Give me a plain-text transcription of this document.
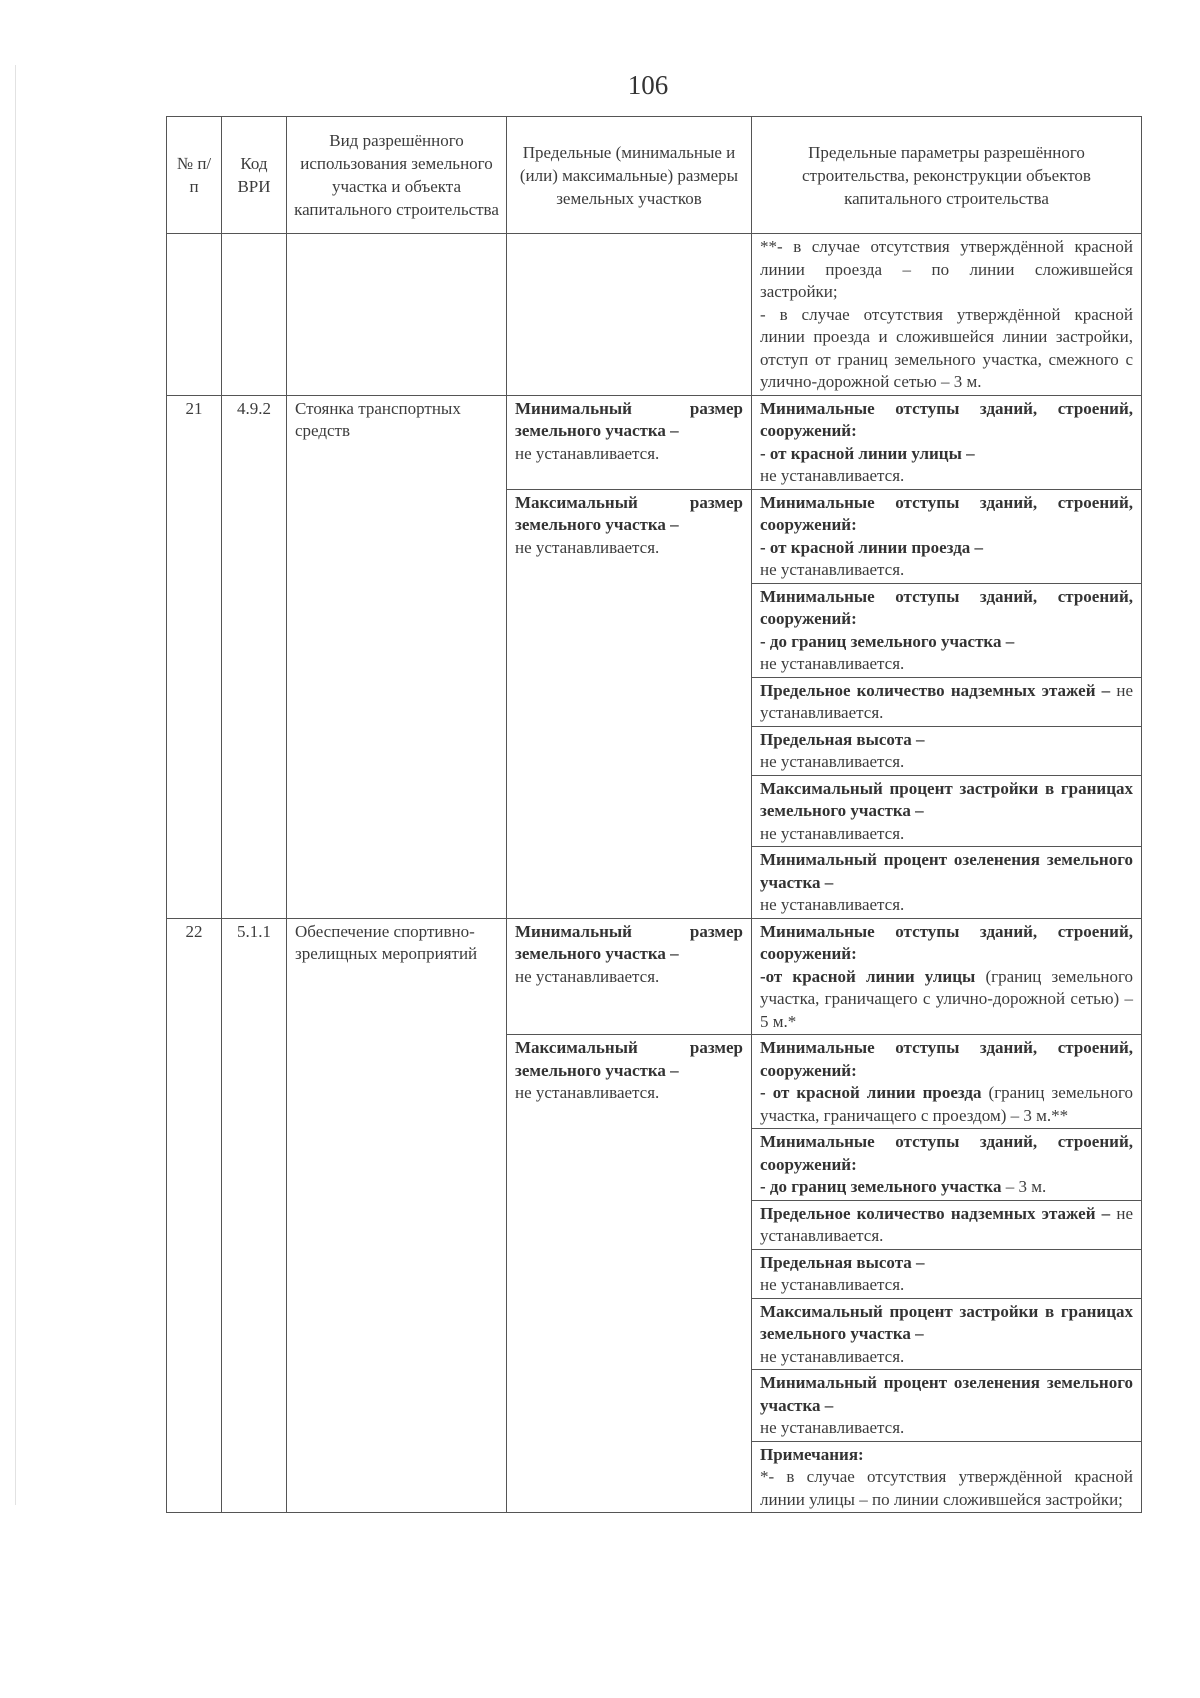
106
№ п/п	Код ВРИ	Вид разрешённого использования земельного участка и объекта капитального строительства	Предельные (минимальные и (или) максимальные) размеры земельных участков	Предельные параметры разрешённого строительства, реконструкции объектов капитального строительства

				**- в случае отсутствия утверждённой красной линии проезда – по линии сложившейся застройки;
- в случае отсутствия утверждённой красной линии проезда и сложившейся линии застройки, отступ от границ земельного участка, смежного с улично-дорожной сетью – 3 м.

21	4.9.2	Стоянка транспортных средств	Минимальный размер земельного участка –
не устанавливается.	Минимальные отступы зданий, строений, сооружений:
- от красной линии улицы –
не устанавливается.
			Максимальный размер земельного участка –
не устанавливается.	Минимальные отступы зданий, строений, сооружений:
- от красной линии проезда –
не устанавливается.

				Минимальные отступы зданий, строений, сооружений:
- до границ земельного участка –
не устанавливается.
				Предельное количество надземных этажей – не устанавливается.

				Предельная высота –
не устанавливается.

				Максимальный процент застройки в границах земельного участка –
не устанавливается.

				Минимальный процент озеленения земельного участка –
не устанавливается.
22	5.1.1	Обеспечение спортивно-зрелищных мероприятий	Минимальный размер земельного участка –
не устанавливается.	Минимальные отступы зданий, строений, сооружений:
-от красной линии улицы (границ земельного участка, граничащего с улично-дорожной сетью) – 5 м.*
			Максимальный размер земельного участка –
не устанавливается.	Минимальные отступы зданий, строений, сооружений:
- от красной линии проезда (границ земельного участка, граничащего с проездом) – 3 м.**

				Минимальные отступы зданий, строений, сооружений:
- до границ земельного участка – 3 м.
				Предельное количество надземных этажей – не устанавливается.

				Предельная высота –
не устанавливается.

				Максимальный процент застройки в границах земельного участка –
не устанавливается.

				Минимальный процент озеленения земельного участка –
не устанавливается.

				Примечания:
*- в случае отсутствия утверждённой красной линии улицы – по линии сложившейся застройки;
